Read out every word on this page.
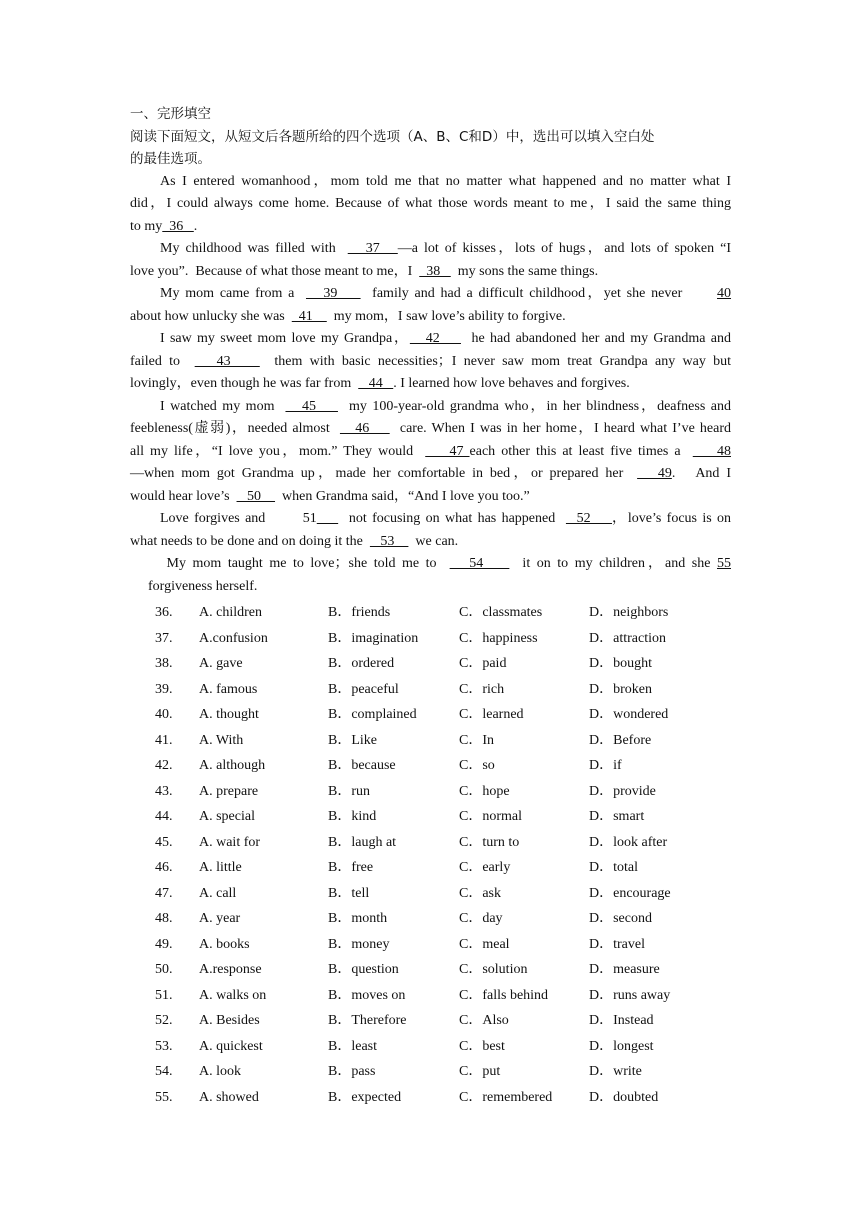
一、完形填空
阅读下面短文，从短文后各题所给的四个选项（A、B、C和D）中，选出可以填入空白处
的最佳选项。
As I entered womanhood，mom told me that no matter what happened and no matter what I
did，I could always come home. Because of what those words meant to me，I said the same thing
to my  36   .
My childhood was filled with     37   —a lot of kisses，lots of hugs，and lots of spoken “I
love you”.  Because of what those meant to me，I    38     my sons the same things.
My mom came from a     39      family and had a difficult childhood，yet she never      40
about how unlucky she was    41      my mom，I saw love’s ability to forgive.
I saw my sweet mom love my Grandpa，   42      he had abandoned her and my Grandma and
failed to     43      them with basic necessities；I never saw mom treat Grandpa any way but
lovingly，even though he was far from     44   . I learned how love behaves and forgives.
I watched my mom     45      my 100-year-old grandma who，in her blindness，deafness and
feebleness(虚弱)，needed almost     46      care. When I was in her home，I heard what I’ve heard
all my life，“I love you，mom.” They would      47 each other this at least five times a      48
—when mom got Grandma up，made her comfortable in bed，or prepared her     49.   And I
would hear love’s     50      when Grandma said，“And I love you too.”
Love forgives and       51      not focusing on what has happened    52    ，love’s focus is on
what needs to be done and on doing it the     53      we can.
My mom taught me to love；she told me to     54      it on to my children，and she 55
forgiveness herself.
36. A. children	B．friends	C．classmates	D．neighbors
37. A.confusion	B．imagination	C．happiness	D．attraction
38. A. gave	B．ordered	C．paid	D．bought
39. A. famous	B．peaceful	C．rich	D．broken
40. A. thought	B．complained	C．learned	D．wondered
41. A. With	B．Like	C．In	D．Before
42. A. although	B．because	C．so	D．if
43. A. prepare	B．run	C．hope	D．provide
44. A. special	B．kind	C．normal	D．smart
45. A. wait for	B．laugh at	C．turn to	D．look after
46. A. little	B．free	C．early	D．total
47. A. call	B．tell	C．ask	D．encourage
48. A. year	B．month	C．day	D．second
49. A. books	B．money	C．meal	D．travel
50. A.response	B．question	C．solution	D．measure
51. A. walks on	B．moves on	C．falls behind	D．runs away
52. A. Besides	B．Therefore	C．Also	D．Instead
53. A. quickest	B．least	C．best	D．longest
54. A. look	B．pass	C．put	D．write
55. A. showed	B．expected	C．remembered	D．doubted
